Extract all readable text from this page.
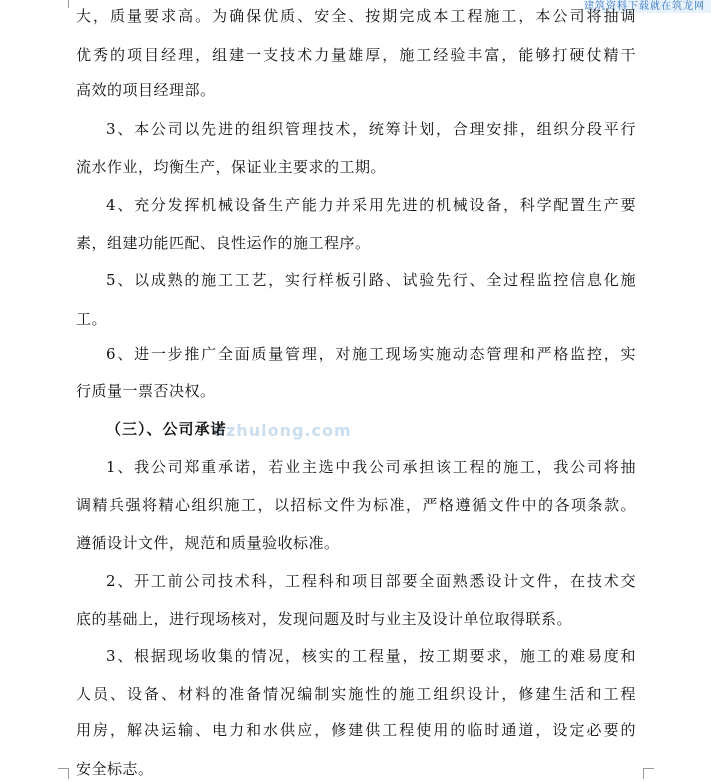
建筑资料下载就在筑龙网
zhulong.com
大，质量要求高。为确保优质、安全、按期完成本工程施工，本公司将抽调
优秀的项目经理，组建一支技术力量雄厚，施工经验丰富，能够打硬仗精干
高效的项目经理部。
3、本公司以先进的组织管理技术，统筹计划，合理安排，组织分段平行
流水作业，均衡生产，保证业主要求的工期。
4、充分发挥机械设备生产能力并采用先进的机械设备，科学配置生产要
素，组建功能匹配、良性运作的施工程序。
5、以成熟的施工工艺，实行样板引路、试验先行、全过程监控信息化施
工。
6、进一步推广全面质量管理，对施工现场实施动态管理和严格监控，实
行质量一票否决权。
（三）、公司承诺
1、我公司郑重承诺，若业主选中我公司承担该工程的施工，我公司将抽
调精兵强将精心组织施工，以招标文件为标准，严格遵循文件中的各项条款。
遵循设计文件，规范和质量验收标准。
2、开工前公司技术科，工程科和项目部要全面熟悉设计文件，在技术交
底的基础上，进行现场核对，发现问题及时与业主及设计单位取得联系。
3、根据现场收集的情况，核实的工程量，按工期要求，施工的难易度和
人员、设备、材料的准备情况编制实施性的施工组织设计，修建生活和工程
用房，解决运输、电力和水供应，修建供工程使用的临时通道，设定必要的
安全标志。
